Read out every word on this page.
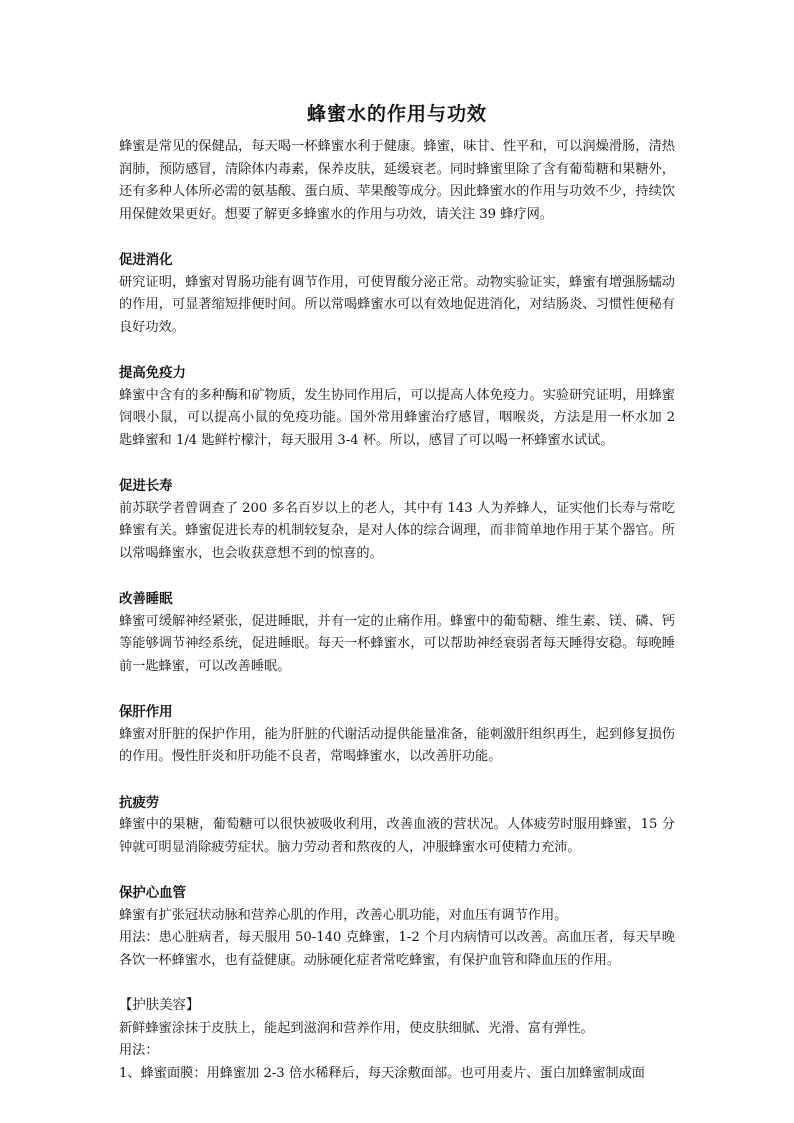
蜂蜜水的作用与功效

蜂蜜是常见的保健品，每天喝一杯蜂蜜水利于健康。蜂蜜，味甘、性平和，可以润燥滑肠，清热润肺，预防感冒，清除体内毒素，保养皮肤，延缓衰老。同时蜂蜜里除了含有葡萄糖和果糖外，还有多种人体所必需的氨基酸、蛋白质、苹果酸等成分。因此蜂蜜水的作用与功效不少，持续饮用保健效果更好。想要了解更多蜂蜜水的作用与功效，请关注 39 蜂疗网。

促进消化

研究证明，蜂蜜对胃肠功能有调节作用，可使胃酸分泌正常。动物实验证实，蜂蜜有增强肠蠕动的作用，可显著缩短排便时间。所以常喝蜂蜜水可以有效地促进消化，对结肠炎、习惯性便秘有良好功效。

提高免疫力

蜂蜜中含有的多种酶和矿物质，发生协同作用后，可以提高人体免疫力。实验研究证明，用蜂蜜饲喂小鼠，可以提高小鼠的免疫功能。国外常用蜂蜜治疗感冒，咽喉炎，方法是用一杯水加 2 匙蜂蜜和 1/4 匙鲜柠檬汁，每天服用 3-4 杯。所以，感冒了可以喝一杯蜂蜜水试试。

促进长寿

前苏联学者曾调查了 200 多名百岁以上的老人，其中有 143 人为养蜂人，证实他们长寿与常吃蜂蜜有关。蜂蜜促进长寿的机制较复杂，是对人体的综合调理，而非简单地作用于某个器官。所以常喝蜂蜜水，也会收获意想不到的惊喜的。

改善睡眠

蜂蜜可缓解神经紧张，促进睡眠，并有一定的止痛作用。蜂蜜中的葡萄糖、维生素、镁、磷、钙等能够调节神经系统，促进睡眠。每天一杯蜂蜜水，可以帮助神经衰弱者每天睡得安稳。每晚睡前一匙蜂蜜，可以改善睡眠。

保肝作用

蜂蜜对肝脏的保护作用，能为肝脏的代谢活动提供能量准备，能刺激肝组织再生，起到修复损伤的作用。慢性肝炎和肝功能不良者，常喝蜂蜜水，以改善肝功能。

抗疲劳

蜂蜜中的果糖，葡萄糖可以很快被吸收利用，改善血液的营状况。人体疲劳时服用蜂蜜，15 分钟就可明显消除疲劳症状。脑力劳动者和熬夜的人，冲服蜂蜜水可使精力充沛。

保护心血管

蜂蜜有扩张冠状动脉和营养心肌的作用，改善心肌功能，对血压有调节作用。

用法：患心脏病者，每天服用 50-140 克蜂蜜，1-2 个月内病情可以改善。高血压者，每天早晚各饮一杯蜂蜜水，也有益健康。动脉硬化症者常吃蜂蜜，有保护血管和降血压的作用。

【护肤美容】

新鲜蜂蜜涂抹于皮肤上，能起到滋润和营养作用，使皮肤细腻、光滑、富有弹性。

用法：

1、蜂蜜面膜：用蜂蜜加 2-3 倍水稀释后，每天涂敷面部。也可用麦片、蛋白加蜂蜜制成面
